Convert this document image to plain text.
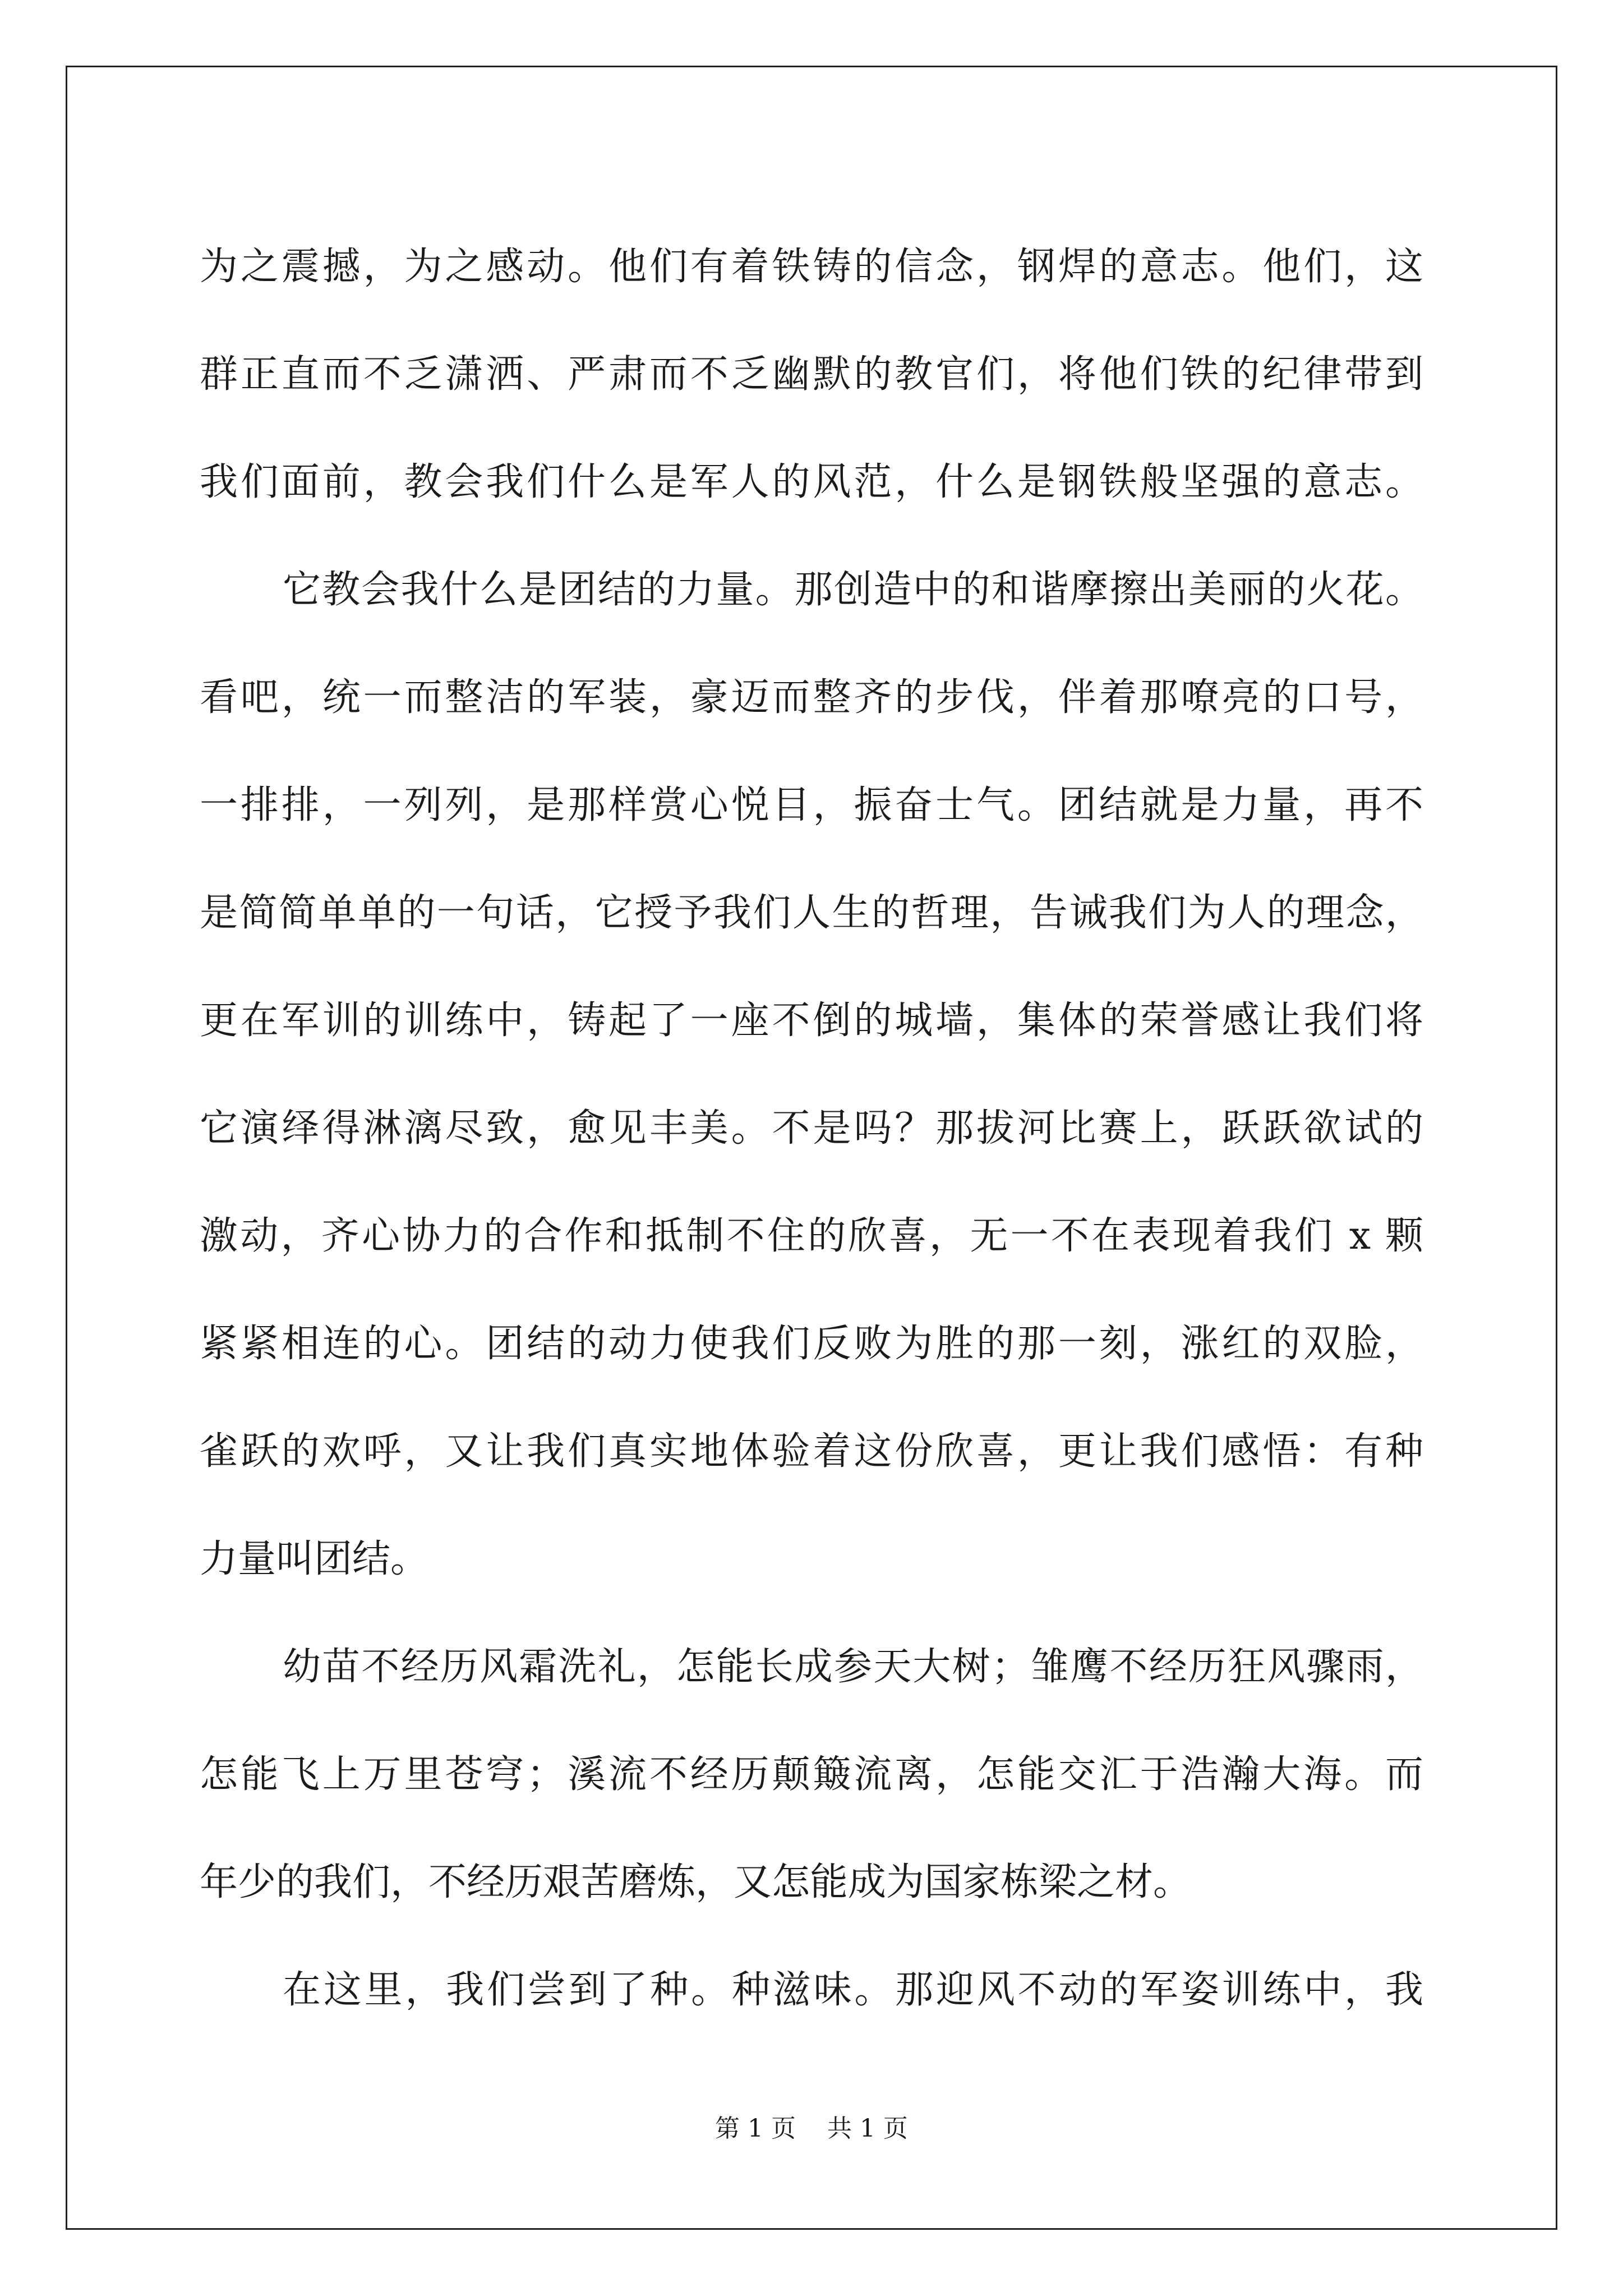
为之震撼，为之感动。他们有着铁铸的信念，钢焊的意志。他们，这
群正直而不乏潇洒、严肃而不乏幽默的教官们，将他们铁的纪律带到
我们面前，教会我们什么是军人的风范，什么是钢铁般坚强的意志。
它教会我什么是团结的力量。那创造中的和谐摩擦出美丽的火花。
看吧，统一而整洁的军装，豪迈而整齐的步伐，伴着那嘹亮的口号，
一排排，一列列，是那样赏心悦目，振奋士气。团结就是力量，再不
是简简单单的一句话，它授予我们人生的哲理，告诫我们为人的理念，
更在军训的训练中，铸起了一座不倒的城墙，集体的荣誉感让我们将
它演绎得淋漓尽致，愈见丰美。不是吗？那拔河比赛上，跃跃欲试的
激动，齐心协力的合作和抵制不住的欣喜，无一不在表现着我们 x 颗
紧紧相连的心。团结的动力使我们反败为胜的那一刻，涨红的双脸，
雀跃的欢呼，又让我们真实地体验着这份欣喜，更让我们感悟：有种
力量叫团结。
幼苗不经历风霜洗礼，怎能长成参天大树；雏鹰不经历狂风骤雨，
怎能飞上万里苍穹；溪流不经历颠簸流离，怎能交汇于浩瀚大海。而
年少的我们，不经历艰苦磨炼，又怎能成为国家栋梁之材。
在这里，我们尝到了种。种滋味。那迎风不动的军姿训练中，我
第 1 页 共 1 页
